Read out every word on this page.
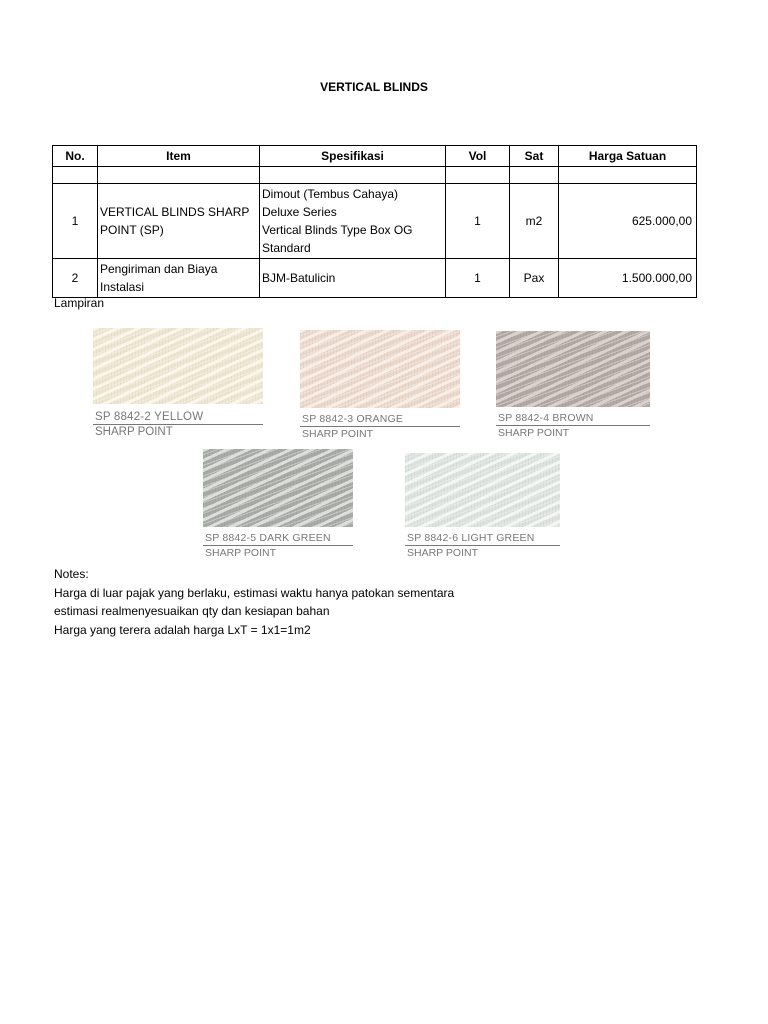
VERTICAL BLINDS
No.	Item	Spesifikasi	Vol	Sat	Harga Satuan

1	VERTICAL BLINDS SHARP POINT (SP)	Dimout (Tembus Cahaya)
Deluxe Series
Vertical Blinds Type Box OG Standard	1	m2	625.000,00
2	Pengiriman dan Biaya Instalasi	BJM-Batulicin	1	Pax	1.500.000,00
Lampiran
SP 8842-2 YELLOW
SHARP POINT
SP 8842-3 ORANGE
SHARP POINT
SP 8842-4 BROWN
SHARP POINT
SP 8842-5 DARK GREEN
SHARP POINT
SP 8842-6 LIGHT GREEN
SHARP POINT
Notes:
Harga di luar pajak yang berlaku, estimasi waktu hanya patokan sementara
estimasi realmenyesuaikan qty dan kesiapan bahan
Harga yang terera adalah harga LxT = 1x1=1m2
